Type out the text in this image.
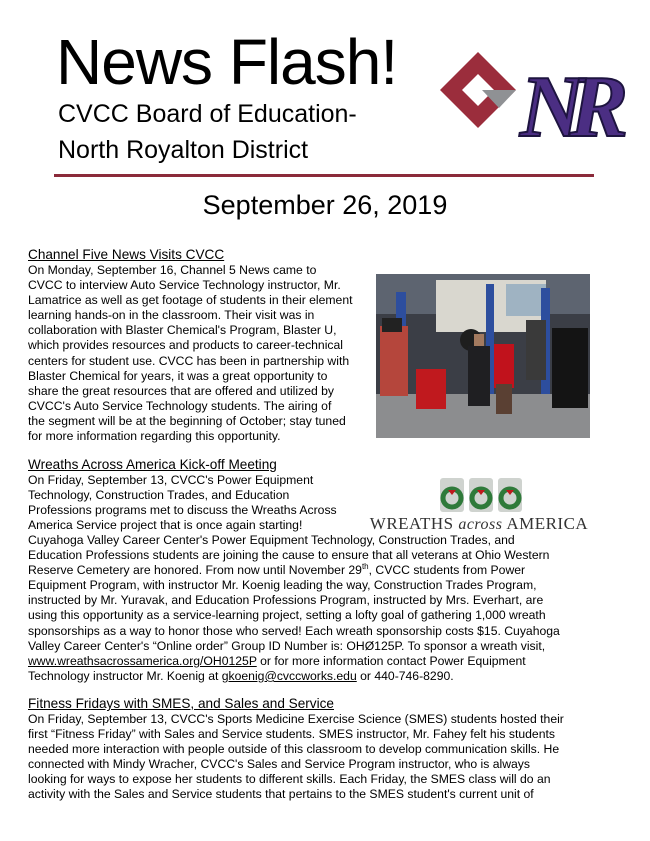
News Flash!
CVCC Board of Education-
North Royalton District NR
September 26, 2019
Channel Five News Visits CVCC
On Monday, September 16, Channel 5 News came to
CVCC to interview Auto Service Technology instructor, Mr.
Lamatrice as well as get footage of students in their element
learning hands-on in the classroom. Their visit was in
collaboration with Blaster Chemical's Program, Blaster U,
which provides resources and products to career-technical
centers for student use. CVCC has been in partnership with
Blaster Chemical for years, it was a great opportunity to
share the great resources that are offered and utilized by
CVCC's Auto Service Technology students. The airing of
the segment will be at the beginning of October; stay tuned
for more information regarding this opportunity.
Wreaths Across America Kick-off Meeting
On Friday, September 13, CVCC's Power Equipment
Technology, Construction Trades, and Education
Professions programs met to discuss the Wreaths Across
America Service project that is once again starting!	WREATHS across AMERICA
Cuyahoga Valley Career Center's Power Equipment Technology, Construction Trades, and
Education Professions students are joining the cause to ensure that all veterans at Ohio Western
Reserve Cemetery are honored. From now until November 29th, CVCC students from Power
Equipment Program, with instructor Mr. Koenig leading the way, Construction Trades Program,
instructed by Mr. Yuravak, and Education Professions Program, instructed by Mrs. Everhart, are
using this opportunity as a service-learning project, setting a lofty goal of gathering 1,000 wreath
sponsorships as a way to honor those who served! Each wreath sponsorship costs $15. Cuyahoga
Valley Career Center's “Online order” Group ID Number is: OHØ125P. To sponsor a wreath visit,
www.wreathsacrossamerica.org/OH0125P or for more information contact Power Equipment
Technology instructor Mr. Koenig at gkoenig@cvccworks.edu or 440-746-8290.
Fitness Fridays with SMES, and Sales and Service
On Friday, September 13, CVCC's Sports Medicine Exercise Science (SMES) students hosted their
first “Fitness Friday” with Sales and Service students. SMES instructor, Mr. Fahey felt his students
needed more interaction with people outside of this classroom to develop communication skills. He
connected with Mindy Wracher, CVCC's Sales and Service Program instructor, who is always
looking for ways to expose her students to different skills. Each Friday, the SMES class will do an
activity with the Sales and Service students that pertains to the SMES student's current unit of
